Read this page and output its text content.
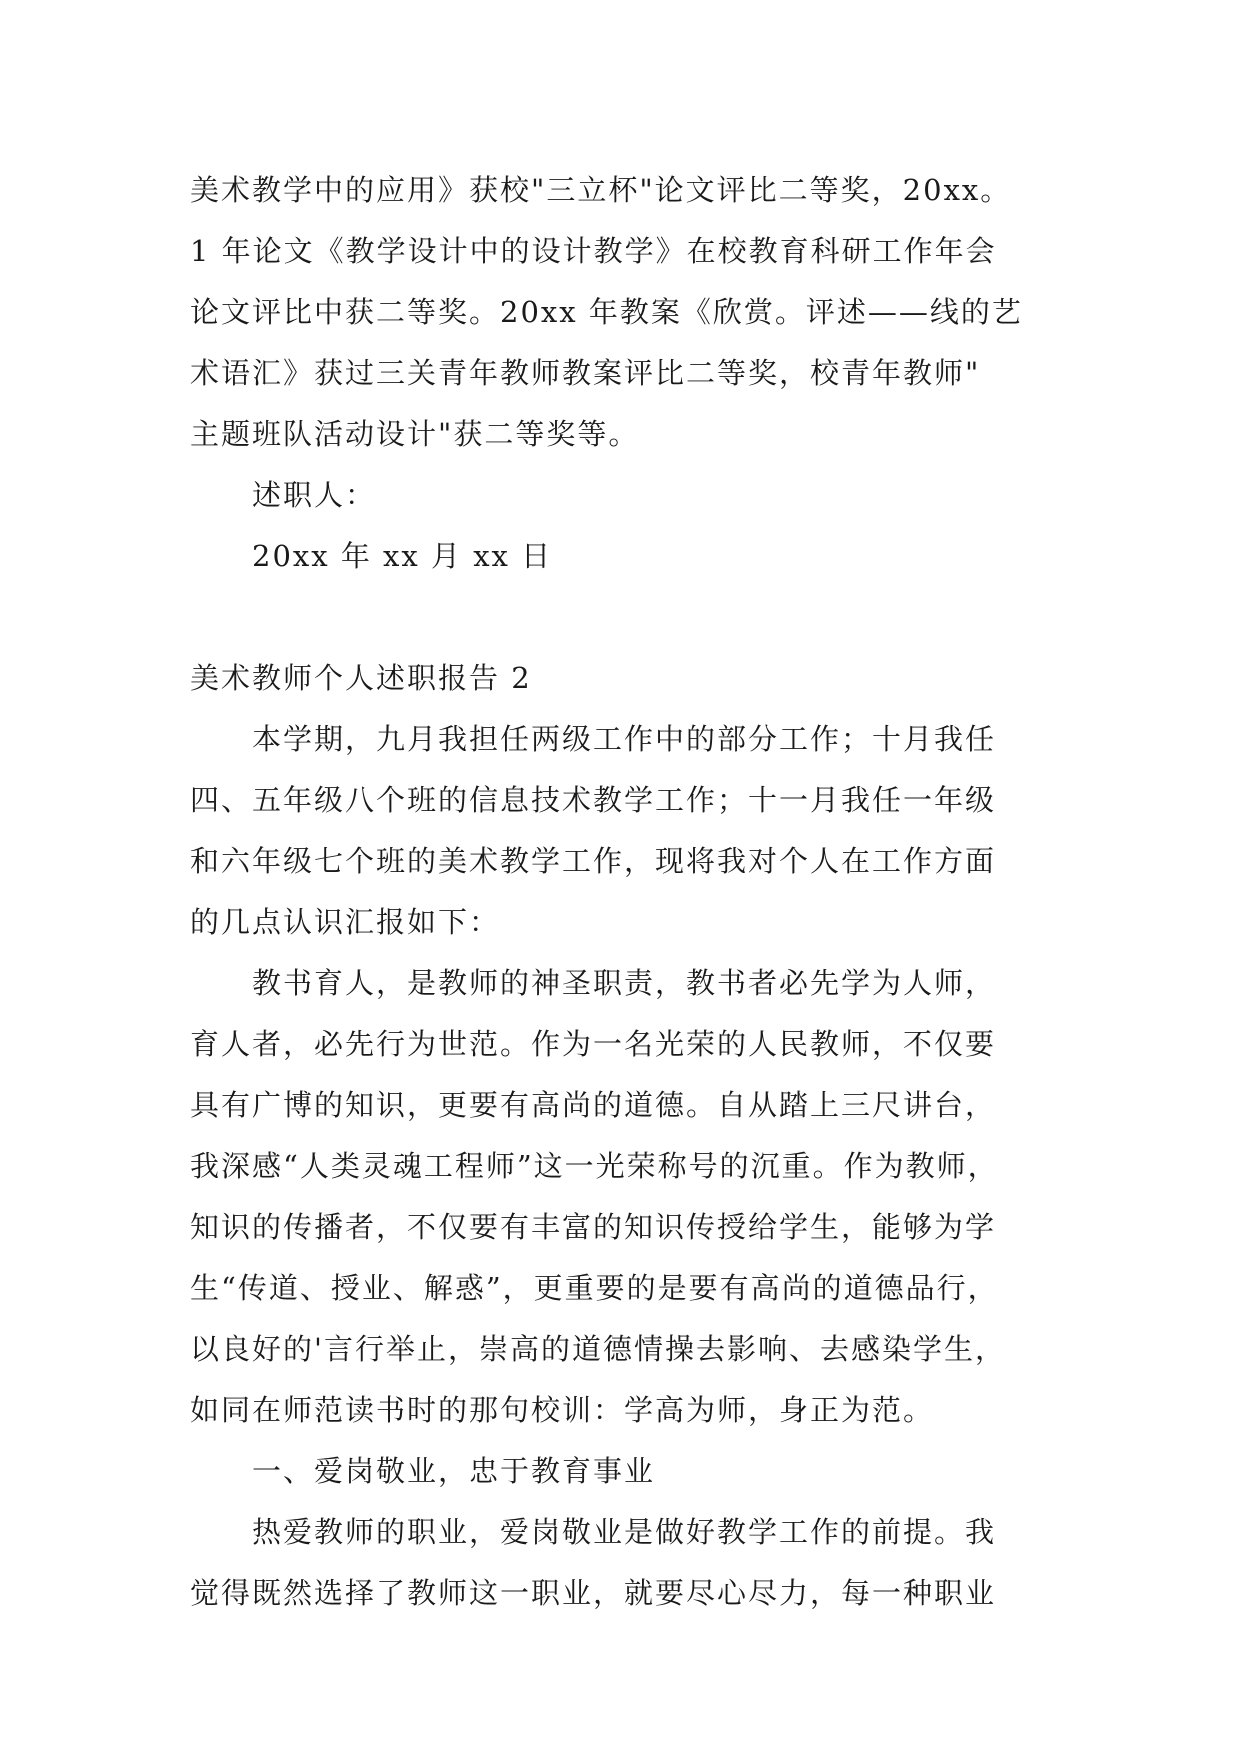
美术教学中的应用》获校"三立杯"论文评比二等奖，20xx。

1 年论文《教学设计中的设计教学》在校教育科研工作年会

论文评比中获二等奖。20xx 年教案《欣赏。评述——线的艺

术语汇》获过三关青年教师教案评比二等奖，校青年教师"

主题班队活动设计"获二等奖等。

述职人：

20xx 年 xx 月 xx 日

美术教师个人述职报告 2

本学期，九月我担任两级工作中的部分工作；十月我任

四、五年级八个班的信息技术教学工作；十一月我任一年级

和六年级七个班的美术教学工作，现将我对个人在工作方面

的几点认识汇报如下：

教书育人，是教师的神圣职责，教书者必先学为人师，

育人者，必先行为世范。作为一名光荣的人民教师，不仅要

具有广博的知识，更要有高尚的道德。自从踏上三尺讲台，

我深感“人类灵魂工程师”这一光荣称号的沉重。作为教师，

知识的传播者，不仅要有丰富的知识传授给学生，能够为学

生“传道、授业、解惑”，更重要的是要有高尚的道德品行，

以良好的'言行举止，崇高的道德情操去影响、去感染学生，

如同在师范读书时的那句校训：学高为师，身正为范。

一、爱岗敬业，忠于教育事业

热爱教师的职业，爱岗敬业是做好教学工作的前提。我

觉得既然选择了教师这一职业，就要尽心尽力，每一种职业
